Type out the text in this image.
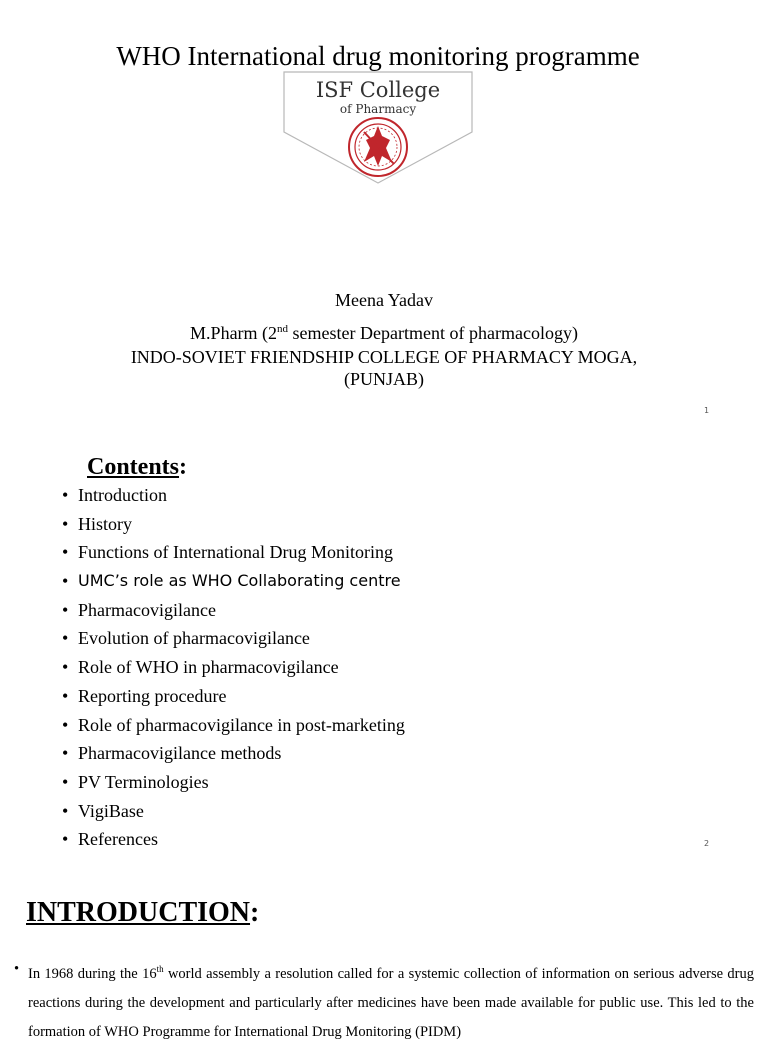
WHO International drug monitoring programme
ISF College
of Pharmacy
Meena Yadav
M.Pharm (2nd semester Department of pharmacology)
INDO-SOVIET FRIENDSHIP COLLEGE OF PHARMACY MOGA, (PUNJAB)
1
Contents:
• Introduction
• History
• Functions of International Drug Monitoring
• UMC’s role as WHO Collaborating centre
• Pharmacovigilance
• Evolution of pharmacovigilance
• Role of WHO in pharmacovigilance
• Reporting procedure
• Role of pharmacovigilance in post-marketing
• Pharmacovigilance methods
• PV Terminologies
• VigiBase
• References	2
INTRODUCTION:
• In 1968 during the 16th world assembly a resolution called for a systemic collection of information on serious adverse drug reactions during the development and particularly after medicines have been made available for public use. This led to the formation of WHO Programme for International Drug Monitoring (PIDM)
